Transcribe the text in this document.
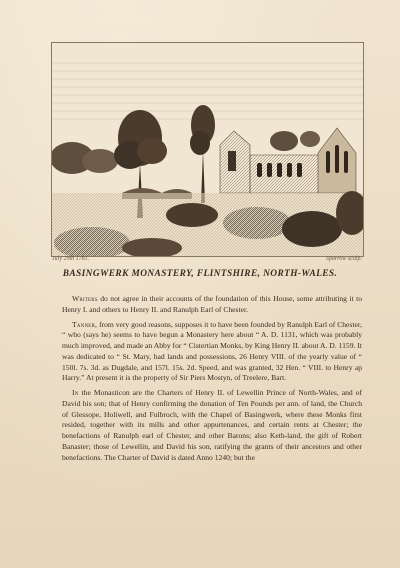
July 29th 1781.	Sparrow sculp.
BASINGWERK MONASTERY, FLINTSHIRE, NORTH-WALES.

Writers do not agree in their accounts of the foundation of this House, some attributing it to Henry I. and others to Henry II. and Ranulph Earl of Chester.

Tanner, from very good reasons, supposes it to have been founded by Ranulph Earl of Chester, “ who (says he) seems to have begun a Monastery here about “ A. D. 1131, which was probably much improved, and made an Abby for “ Cistertian Monks, by King Henry II. about A. D. 1159. It was dedicated to “ St. Mary, had lands and possessions, 26 Henry VIII. of the yearly value of “ 150l. 7s. 3d. as Dugdale, and 157l. 15s. 2d. Speed, and was granted, 32 Hen. “ VIII. to Henry ap Harry.” At present it is the property of Sir Piers Mostyn, of Treelere, Bart.

In the Monasticon are the Charters of Henry II. of Lewellin Prince of North-Wales, and of David his son; that of Henry confirming the donation of Ten Pounds per ann. of land, the Church of Glessope, Holiwell, and Fulbroch, with the Chapel of Basingwerk, where these Monks first resided, together with its mills and other appurtenances, and certain rents at Chester; the benefactions of Ranulph earl of Chester, and other Barons; also Keth-land, the gift of Robert Banaster; those of Lewellin, and David his son, ratifying the grants of their ancestors and other benefactions. The Charter of David is dated Anno 1240; but the
